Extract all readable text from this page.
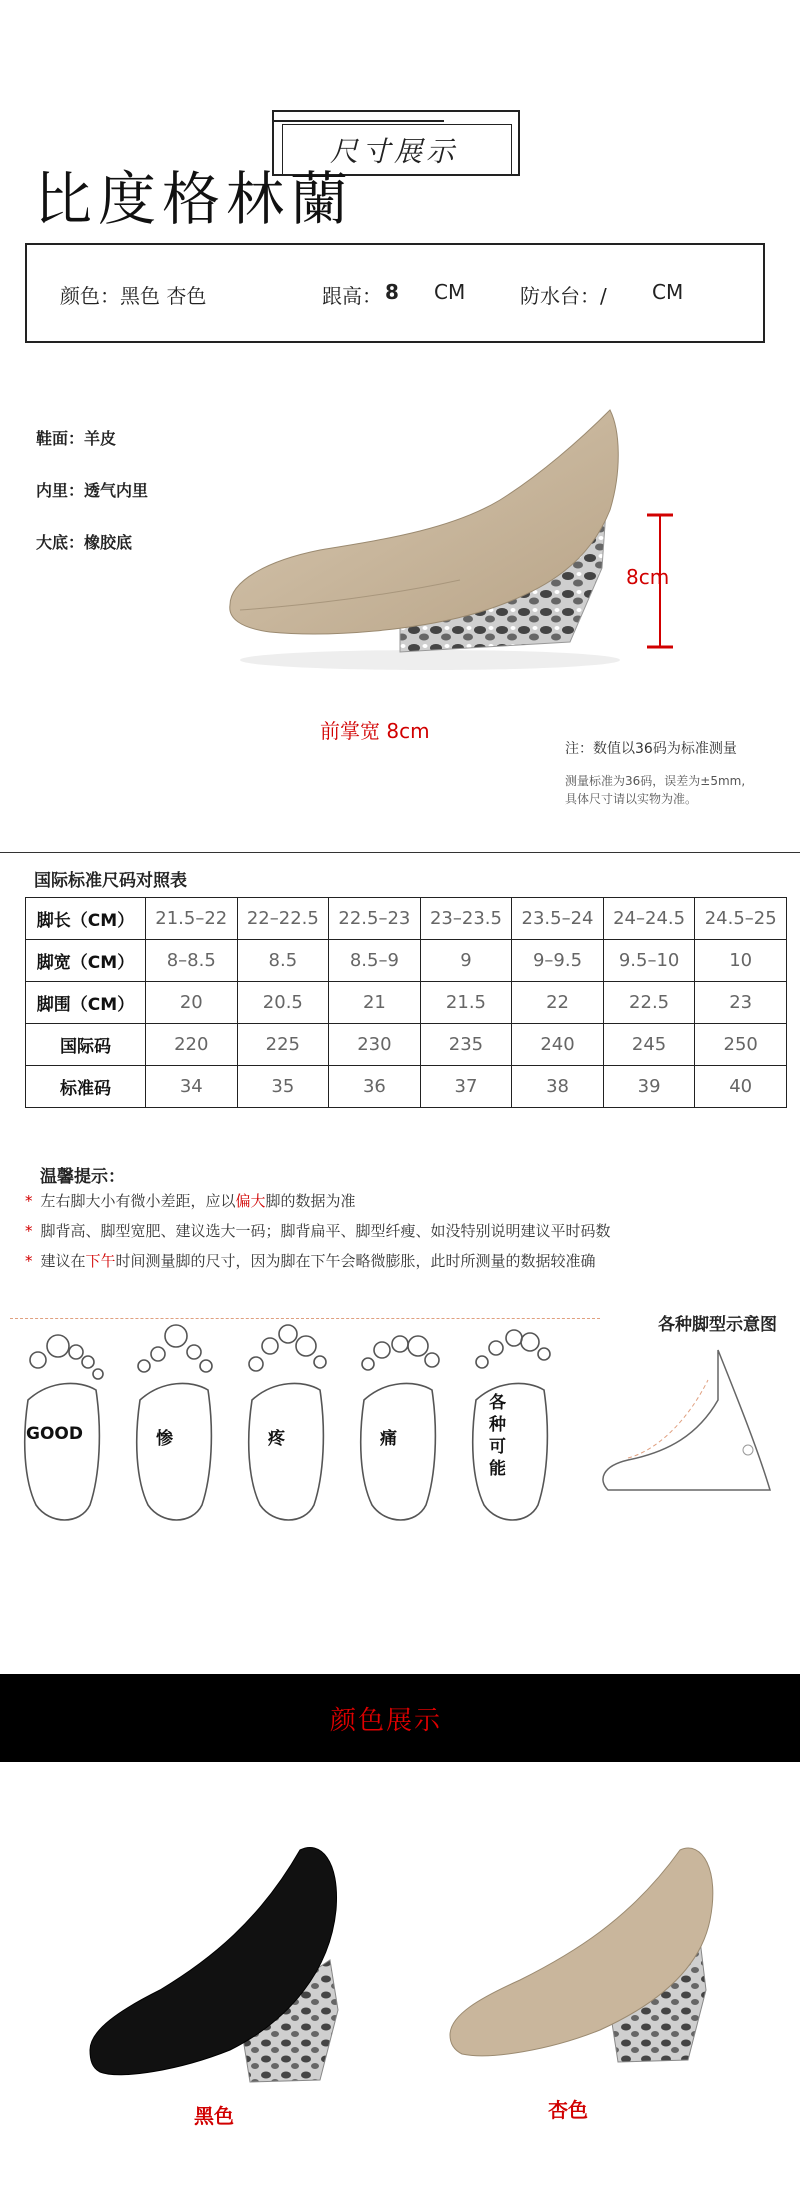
尺寸展示
比度格林蘭
颜色：黑色 杏色	跟高： 8 CM	防水台：/ CM
鞋面：羊皮
内里：透气内里
大底：橡胶底
8cm
前掌宽 8cm
注：数值以36码为标准测量
测量标准为36码，误差为±5mm,
具体尺寸请以实物为准。
国际标准尺码对照表
脚长（CM）	21.5–22	22–22.5	22.5–23	23–23.5	23.5–24	24–24.5	24.5–25
脚宽（CM）	8–8.5	8.5	8.5–9	9	9–9.5	9.5–10	10
脚围（CM）	20	20.5	21	21.5	22	22.5	23
国际码	220	225	230	235	240	245	250
标准码	34	35	36	37	38	39	40
温馨提示：
* 左右脚大小有微小差距，应以偏大脚的数据为准
* 脚背高、脚型宽肥、建议选大一码；脚背扁平、脚型纤瘦、如没特别说明建议平时码数
* 建议在下午时间测量脚的尺寸，因为脚在下午会略微膨胀，此时所测量的数据较准确
各种脚型示意图
GOOD	惨	疼	痛
各种可能
颜色展示
黑色	杏色
